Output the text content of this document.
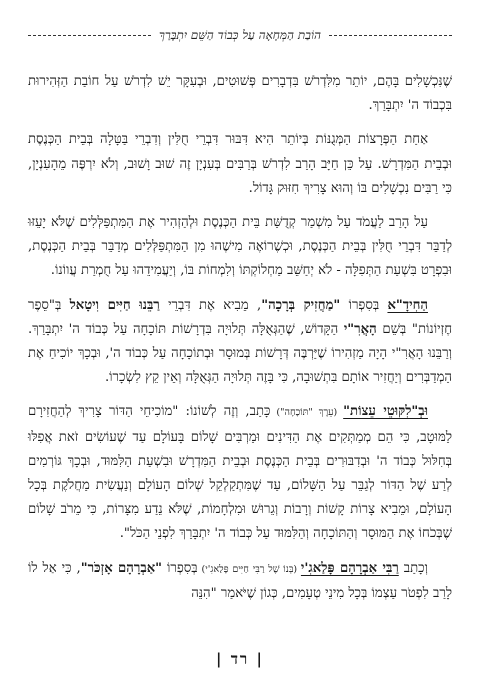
הוֹבַת הַמְּחָאָה עַל כְּבוֹד הַשֵּׁם יִתְבָּרַךְ

שֶׁנִּכְשָׁלִים בָּהֶם, יוֹתֵר מִלִּדְרֹשׁ בִּדְבָרִים פְּשׁוּטִים, וּבְעִקָּר יֵשׁ לִדְרֹשׁ עַל חוֹבַת הַזְּהִירוּת בִּכְבוֹד ה' יִתְבָּרַךְ.

אַחַת הַפְּרָצוֹת הַמְּגֻנּוֹת בְּיוֹתֵר הִיא דִּבּוּר דִּבְרֵי חֻלִּין וְדִבְרֵי בַּטָּלָה בְּבֵית הַכְּנֶסֶת וּבְבֵית הַמִּדְרָשׁ. עַל כֵּן חַיָּב הָרַב לִדְרֹשׁ בְּרַבִּים בְּעִנְיָן זֶה שׁוּב וָשׁוּב, וְלֹא יִרְפֶּה מֵהָעִנְיָן, כִּי רַבִּים נִכְשָׁלִים בּוֹ וְהוּא צָרִיךְ חִזּוּק גָּדוֹל.

עַל הָרַב לַעֲמֹד עַל מִשְׁמַר קְדֻשַּׁת בֵּית הַכְּנֶסֶת וּלְהַזְהִיר אֶת הַמִּתְפַּלְּלִים שֶׁלֹּא יָעֵזּוּ לְדַבֵּר דִּבְרֵי חֻלִּין בְּבֵית הַכְּנֶסֶת, וּכְשֶׁרוֹאֶה מִישֶׁהוּ מִן הַמִּתְפַּלְּלִים מְדַבֵּר בְּבֵית הַכְּנֶסֶת, וּבִפְרָט בִּשְׁעַת הַתְּפִלָּה - לֹא יְחַשֵּׁב מַחְלוֹקְתּוֹ וְלִמְחוֹת בּוֹ, וְיַעֲמִידֵהוּ עַל חֻמְרַת עֲווֹנוֹ.

הַחִידָ"א בְּסִפְרוֹ "מַחֲזִיק בְּרָכָה", מֵבִיא אֶת דִּבְרֵי רַבֵּנוּ חַיִּים וִיטָאל בְּ"סֵפֶר חֶזְיוֹנוֹת" בְּשֵׁם הָאֲרִ"י הַקָּדוֹשׁ, שֶׁהַגְּאֻלָּה תְּלוּיָה בִּדְרָשׁוֹת תּוֹכָחָה עַל כְּבוֹד ה' יִתְבָּרַךְ. וְרַבֵּנוּ הָאֲרִ"י הָיָה מַזְהִירוֹ שֶׁיַּרְבֶּה דְּרָשׁוֹת בְּמוּסָר וּבְתוֹכָחָה עַל כְּבוֹד ה', וּבְכָךְ יוֹכִיחַ אֶת הַמְדַבְּרִים וְיַחֲזִיר אוֹתָם בִּתְשׁוּבָה, כִּי בָּזֶה תְּלוּיָה הַגְּאֻלָּה וְאֵין קֵץ לִשְׂכָרוֹ.

וּבְ"לִקּוּטֵי עֵצוֹת" (עֵרֶךְ "תּוֹכָחָה") כָּתַב, וְזֶה לְשׁוֹנוֹ: "מוֹכִיחֵי הַדּוֹר צָרִיךְ לְהַחֲזִירָם לַמּוּטָב, כִּי הֵם מְמַתְּקִים אֶת הַדִּינִים וּמַרְבִּים שָׁלוֹם בָּעוֹלָם עַד שֶׁעוֹשִׂים זֹאת אֲפִלּוּ בְּחִלּוּל כְּבוֹד ה' וּבְדִבּוּרִים בְּבֵית הַכְּנֶסֶת וּבְבֵית הַמִּדְרָשׁ וּבִשְׁעַת הַלִּמּוּד, וּבְכָךְ גּוֹרְמִים לְרַע שֶׁל הַדּוֹר לְגַבֵּר עַל הַשָּׁלוֹם, עַד שֶׁמִּתְקַלְקֵל שְׁלוֹם הָעוֹלָם וְנַעֲשִׂית מַחֲלֹקֶת בְּכָל הָעוֹלָם, וּמֵבִיא צָרוֹת קָשׁוֹת וְרָבוֹת וְגֵרוּשׁ וּמִלְחָמוֹת, שֶׁלֹּא נֵדַע מִצָּרוֹת, כִּי מֵרֹב שָׁלוֹם שֶׁבְּכֹחוֹ אֶת הַמּוּסָר וְהַתּוֹכָחָה וְהַלִּמּוּד עַל כְּבוֹד ה' יִתְבָּרַךְ לִפְנֵי הַכֹּל".

וְכָתַב רַבִּי אַבְרָהָם פָּלַאגִ'י (בְּנוֹ שֶׁל רַבִּי חַיִּים פָּלַאגִ'י) בְּסִפְרוֹ "אַבְרָהָם אָזְכֹּר", כִּי אַל לוֹ לָרַב לִפְטֹר עַצְמוֹ בְּכָל מִינֵי טְעָמִים, כְּגוֹן שֶׁיֹּאמַר "הִנֵּה

| רד |
